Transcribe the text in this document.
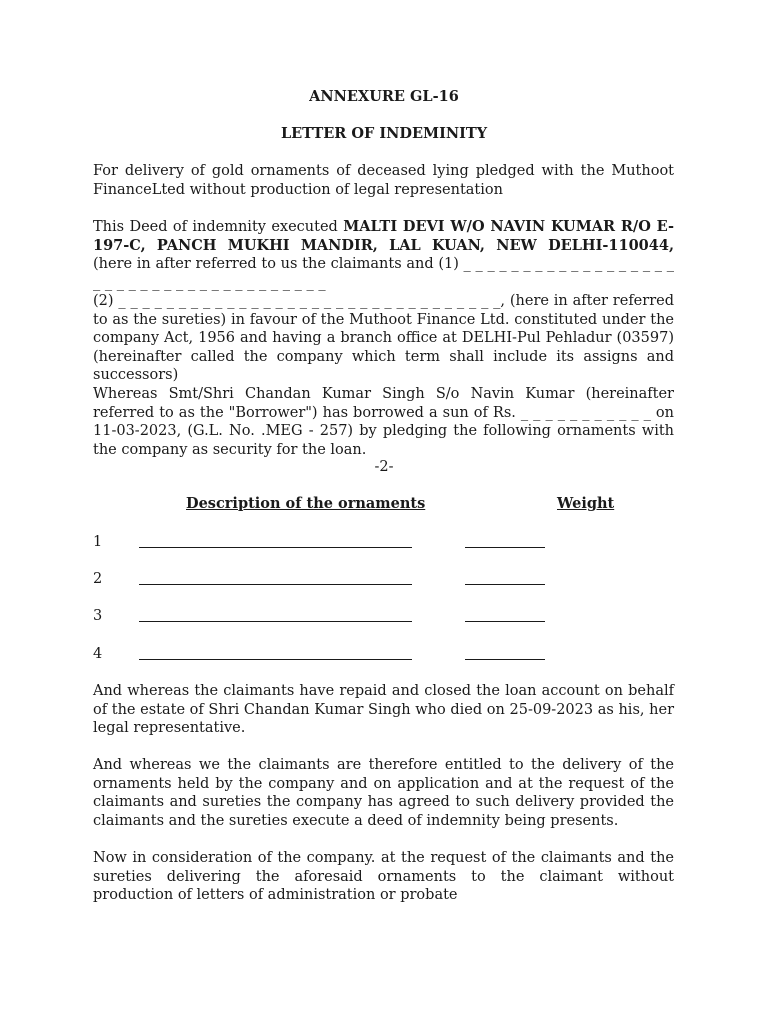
ANNEXURE GL-16
LETTER OF INDEMINITY
For delivery of gold ornaments of deceased lying pledged with the Muthoot FinanceLted without production of legal representation
This Deed of indemnity executed MALTI DEVI W/O NAVIN KUMAR R/O E-197-C, PANCH MUKHI MANDIR, LAL KUAN, NEW DELHI-110044, (here in after referred to us the claimants and (1) _ _ _ _ _ _ _ _ _ _ _ _ _ _ _ _ _ _ _ _ _ _ _ _ _ _ _ _ _ _ _ _ _ _ _ _ _ _
(2) _ _ _ _ _ _ _ _ _ _ _ _ _ _ _ _ _ _ _ _ _ _ _ _ _ _ _ _ _ _ _ _, (here in after referred to as the sureties) in favour of the Muthoot Finance Ltd. constituted under the company Act, 1956 and having a branch office at DELHI-Pul Pehladur (03597) (hereinafter called the company which term shall include its assigns and successors)
Whereas Smt/Shri Chandan Kumar Singh S/o Navin Kumar (hereinafter referred to as the "Borrower") has borrowed a sun of Rs. _ _ _ _ _ _ _ _ _ _ _ on 11-03-2023, (G.L. No. .MEG - 257) by pledging the following ornaments with the company as security for the loan.
-2-
Description of the ornaments	Weight
1
2
3
4
And whereas the claimants have repaid and closed the loan account on behalf of the estate of Shri Chandan Kumar Singh who died on 25-09-2023 as his, her legal representative.
And whereas we the claimants are therefore entitled to the delivery of the ornaments held by the company and on application and at the request of the claimants and sureties the company has agreed to such delivery provided the claimants and the sureties execute a deed of indemnity being presents.
Now in consideration of the company. at the request of the claimants and the sureties delivering the aforesaid ornaments to the claimant without production of letters of administration or probate
